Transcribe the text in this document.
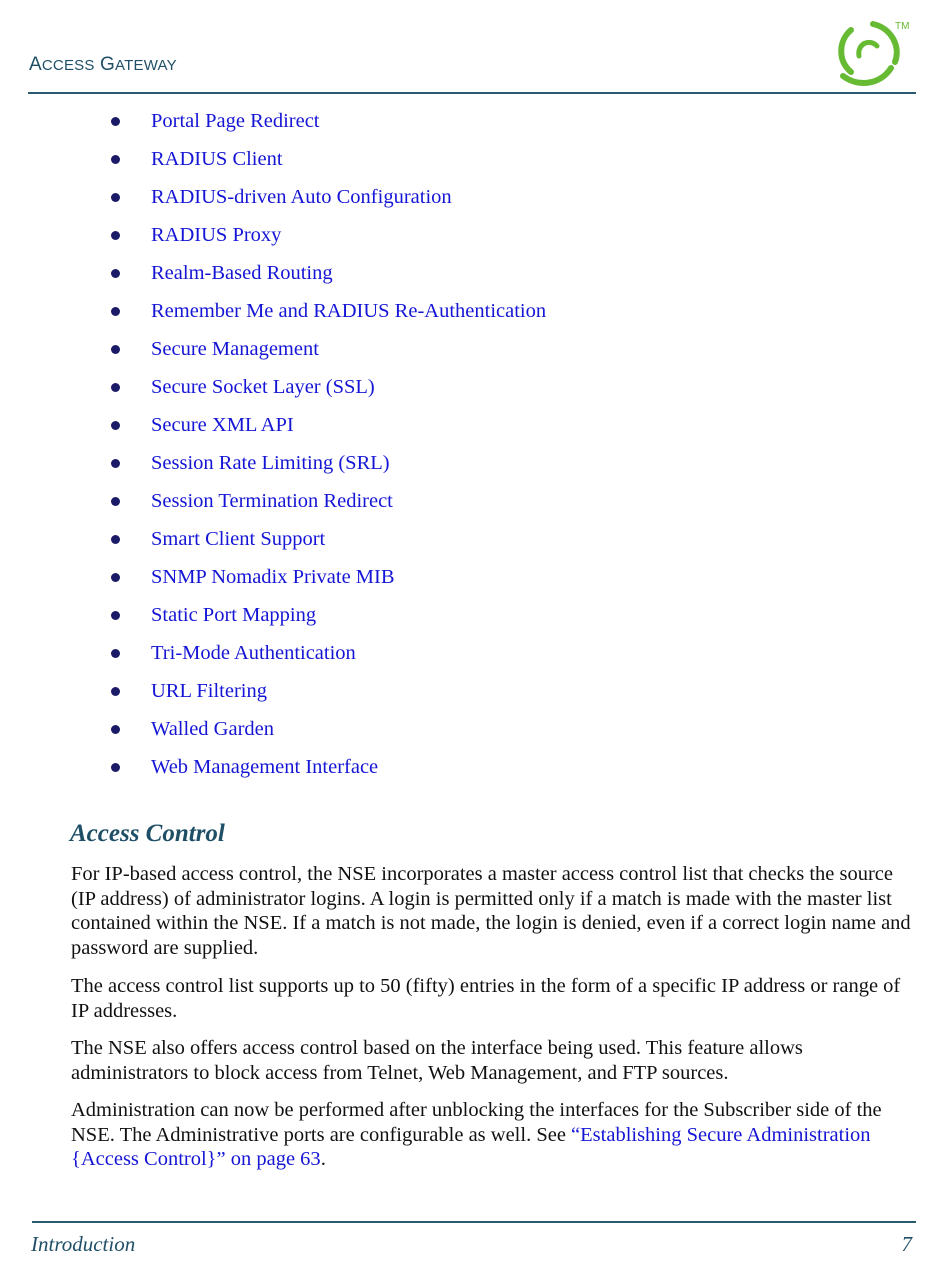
ACCESS GATEWAY
TM
Portal Page Redirect
RADIUS Client
RADIUS-driven Auto Configuration
RADIUS Proxy
Realm-Based Routing
Remember Me and RADIUS Re-Authentication
Secure Management
Secure Socket Layer (SSL)
Secure XML API
Session Rate Limiting (SRL)
Session Termination Redirect
Smart Client Support
SNMP Nomadix Private MIB
Static Port Mapping
Tri-Mode Authentication
URL Filtering
Walled Garden
Web Management Interface
Access Control

For IP-based access control, the NSE incorporates a master access control list that checks the source (IP address) of administrator logins. A login is permitted only if a match is made with the master list contained within the NSE. If a match is not made, the login is denied, even if a correct login name and password are supplied.

The access control list supports up to 50 (fifty) entries in the form of a specific IP address or range of IP addresses.

The NSE also offers access control based on the interface being used. This feature allows administrators to block access from Telnet, Web Management, and FTP sources.

Administration can now be performed after unblocking the interfaces for the Subscriber side of the NSE. The Administrative ports are configurable as well. See “Establishing Secure Administration {Access Control}” on page 63.

Introduction	7
